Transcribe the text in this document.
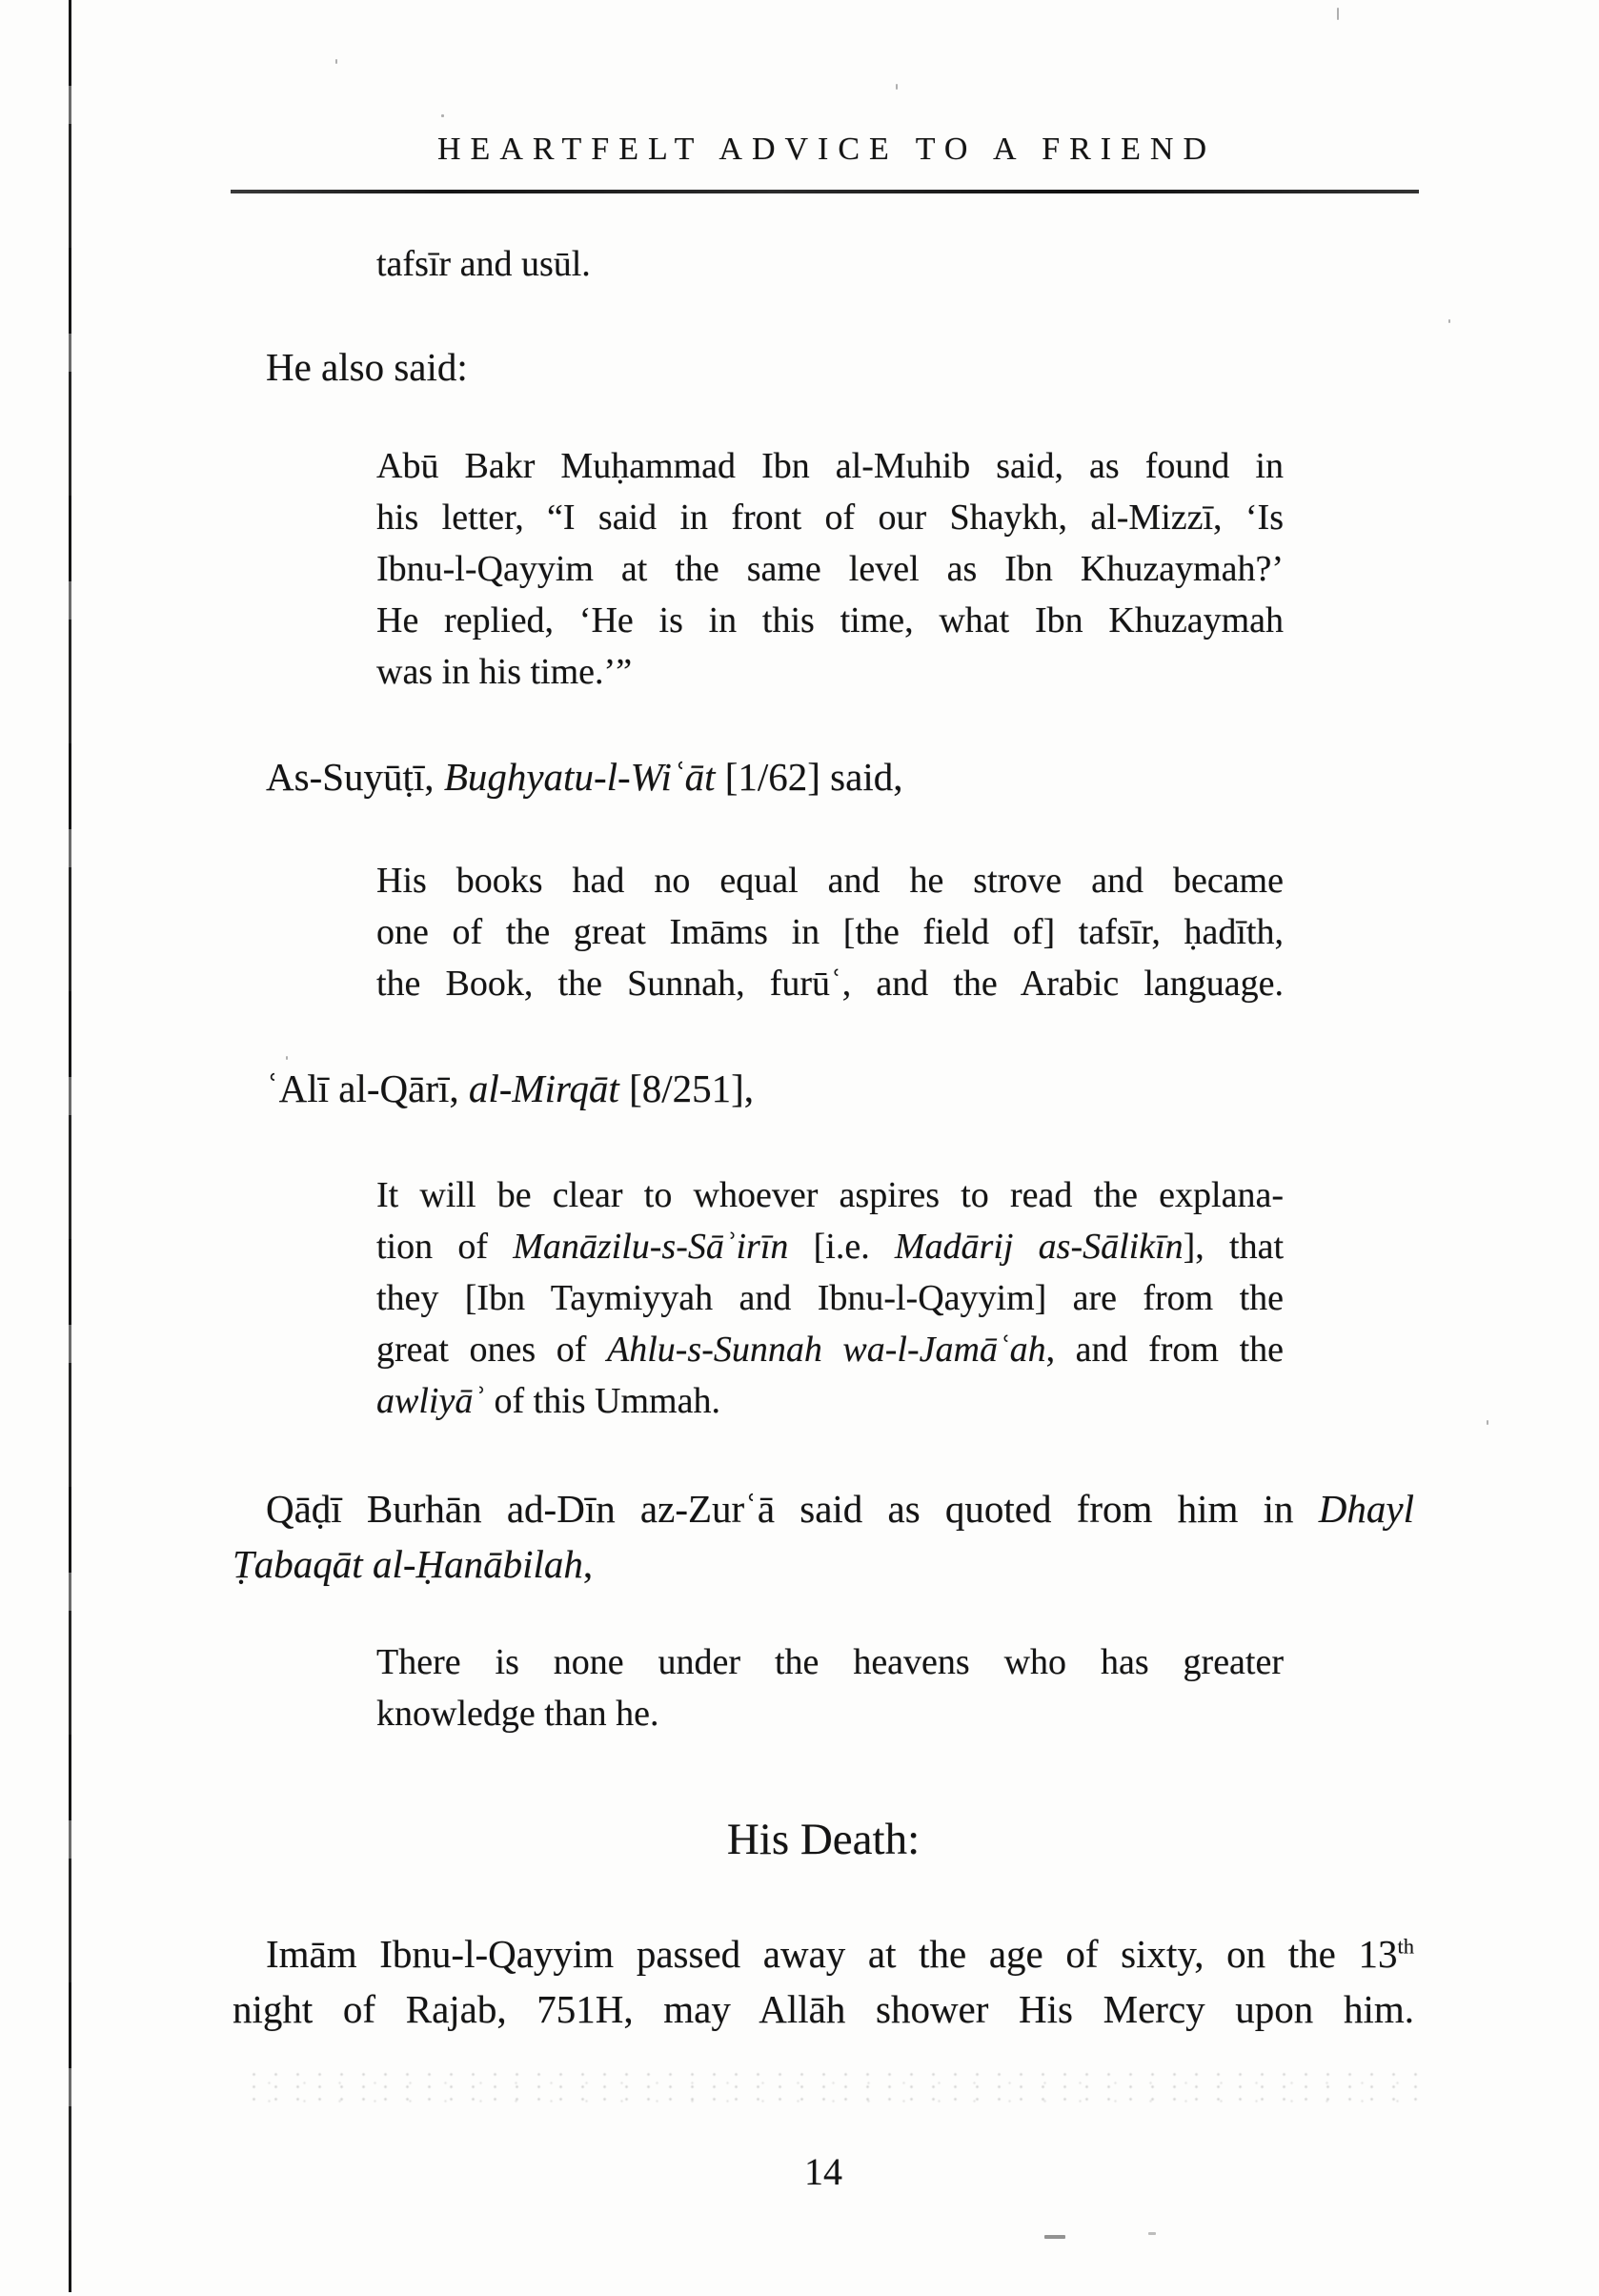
HEARTFELT ADVICE TO A FRIEND
tafsīr and usūl.
He also said:
Abū Bakr Muḥammad Ibn al-Muhib said, as found in
his letter, “I said in front of our Shaykh, al-Mizzī, ‘Is
Ibnu-l-Qayyim at the same level as Ibn Khuzaymah?’
He replied, ‘He is in this time, what Ibn Khuzaymah
was in his time.’”
As-Suyūṭī, Bughyatu-l-Wiʿāt [1/62] said,
His books had no equal and he strove and became
one of the great Imāms in [the field of] tafsīr, ḥadīth,
the Book, the Sunnah, furūʿ, and the Arabic language.
ʿAlī al-Qārī, al-Mirqāt [8/251],
It will be clear to whoever aspires to read the explana-
tion of Manāzilu-s-Sāʾirīn [i.e. Madārij as-Sālikīn], that
they [Ibn Taymiyyah and Ibnu-l-Qayyim] are from the
great ones of Ahlu-s-Sunnah wa-l-Jamāʿah, and from the
awliyāʾ of this Ummah.
Qāḍī Burhān ad-Dīn az-Zurʿā said as quoted from him in Dhayl
Ṭabaqāt al-Ḥanābilah,
There is none under the heavens who has greater
knowledge than he.
His Death:
Imām Ibnu-l-Qayyim passed away at the age of sixty, on the 13th
night of Rajab, 751H, may Allāh shower His Mercy upon him.
14
